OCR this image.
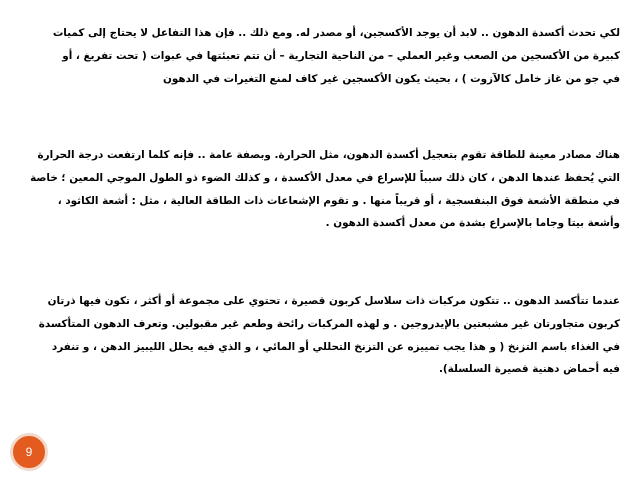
لكي تحدث أكسدة الدهون .. لابد أن يوجد الأكسجين، أو مصدر له. ومع ذلك .. فإن هذا التفاعل لا يحتاج إلى كميات
كبيرة من الأكسجين من الصعب وغير العملي – من الناحية التجارية – أن تتم تعبئتها في عبوات ( تحت تفريغ ، أو
في جو من غاز خامل كالآزوت ) ، بحيث يكون الأكسجين غير كاف لمنع التغيرات في الدهون
هناك مصادر معينة للطاقة تقوم بتعجيل أكسدة الدهون، مثل الحرارة. وبصفة عامة .. فإنه كلما ارتفعت درجة الحرارة
التي يُحفظ عندها الدهن ، كان ذلك سبباً للإسراع في معدل الأكسدة ، و كذلك الضوء ذو الطول الموجي المعين ؛ خاصة
في منطقة الأشعة فوق البنفسجية ، أو قريباً منها . و تقوم الإشعاعات ذات الطاقة العالية ، مثل : أشعة الكاثود ،
وأشعة بيتا وجاما بالإسراع بشدة من معدل أكسدة الدهون .
عندما تتأكسد الدهون .. تتكون مركبات ذات سلاسل كربون قصيرة ، تحتوي على مجموعة أو أكثر ، تكون فيها ذرتان
كربون متجاورتان غير مشبعتين بالإيدروجين . و لهذه المركبات رائحة وطعم غير مقبولين. وتعرف الدهون المتأكسدة
في الغذاء باسم التزنخ ( و هذا يجب تمييزه عن التزنخ التحللي أو المائي ، و الذي فيه يحلل الليبيز الدهن ، و تنفرد
فيه أحماض دهنية قصيرة السلسلة).
9
